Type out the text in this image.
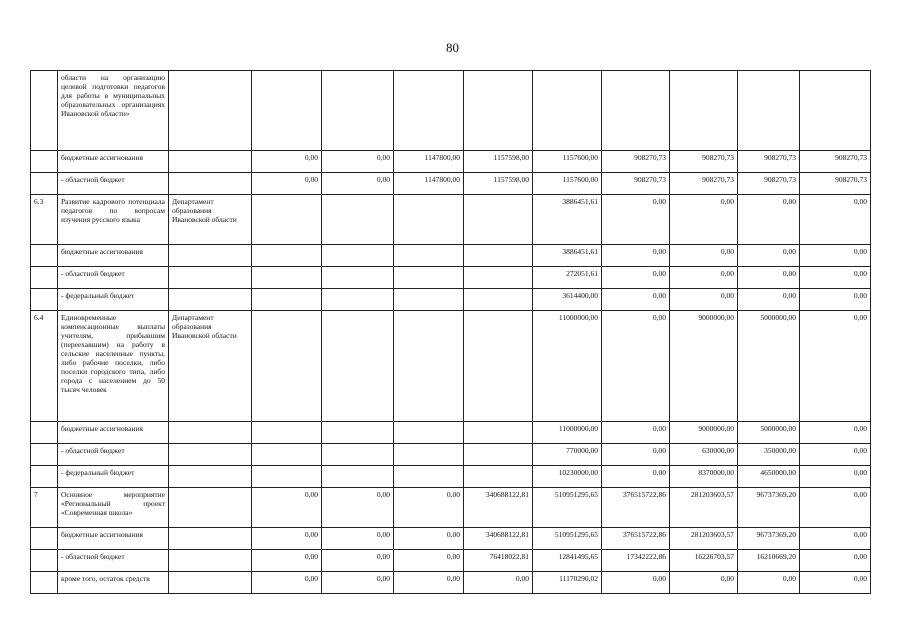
80
	области на организацию целевой подготовки педагогов для работы в муниципальных образовательных организациях Ивановской области»										
	бюджетные ассигнования		0,00	0,00	1147800,00	1157598,00	1157600,00	908270,73	908270,73	908270,73	908270,73
	- областной бюджет		0,00	0,00	1147800,00	1157598,00	1157600,00	908270,73	908270,73	908270,73	908270,73
6.3	Развитие кадрового потенциала педагогов по вопросам изучения русского языка	Департамент образования Ивановской области					3886451,61	0,00	0,00	0,00	0,00
	бюджетные ассигнования						3886451,61	0,00	0,00	0,00	0,00
	- областной бюджет						272051,61	0,00	0,00	0,00	0,00
	- федеральный бюджет						3614400,00	0,00	0,00	0,00	0,00
6.4	Единовременные компенсационные выплаты учителям, прибывшим (переехавшим) на работу в сельские населенные пункты, либо рабочие поселки, либо поселки городского типа, либо города с населением до 50 тысяч человек	Департамент образования Ивановской области					11000000,00	0,00	9000000,00	5000000,00	0,00
	бюджетные ассигнования						11000000,00	0,00	9000000,00	5000000,00	0,00
	- областной бюджет						770000,00	0,00	630000,00	350000,00	0,00
	- федеральный бюджет						10230000,00	0,00	8370000,00	4650000,00	0,00
7	Основное мероприятие «Региональный проект «Современная школа»		0,00	0,00	0,00	340688122,81	510951295,65	376515722,86	281203603,57	96737369,20	0,00
	бюджетные ассигнования		0,00	0,00	0,00	340688122,81	510951295,65	376515722,86	281203603,57	96737369,20	0,00
	- областной бюджет		0,00	0,00	0,00	76418022,81	12841495,65	17342222,86	16226703,57	16210669,20	0,00
	кроме того, остаток средств		0,00	0,00	0,00	0,00	11170290,02	0,00	0,00	0,00	0,00
